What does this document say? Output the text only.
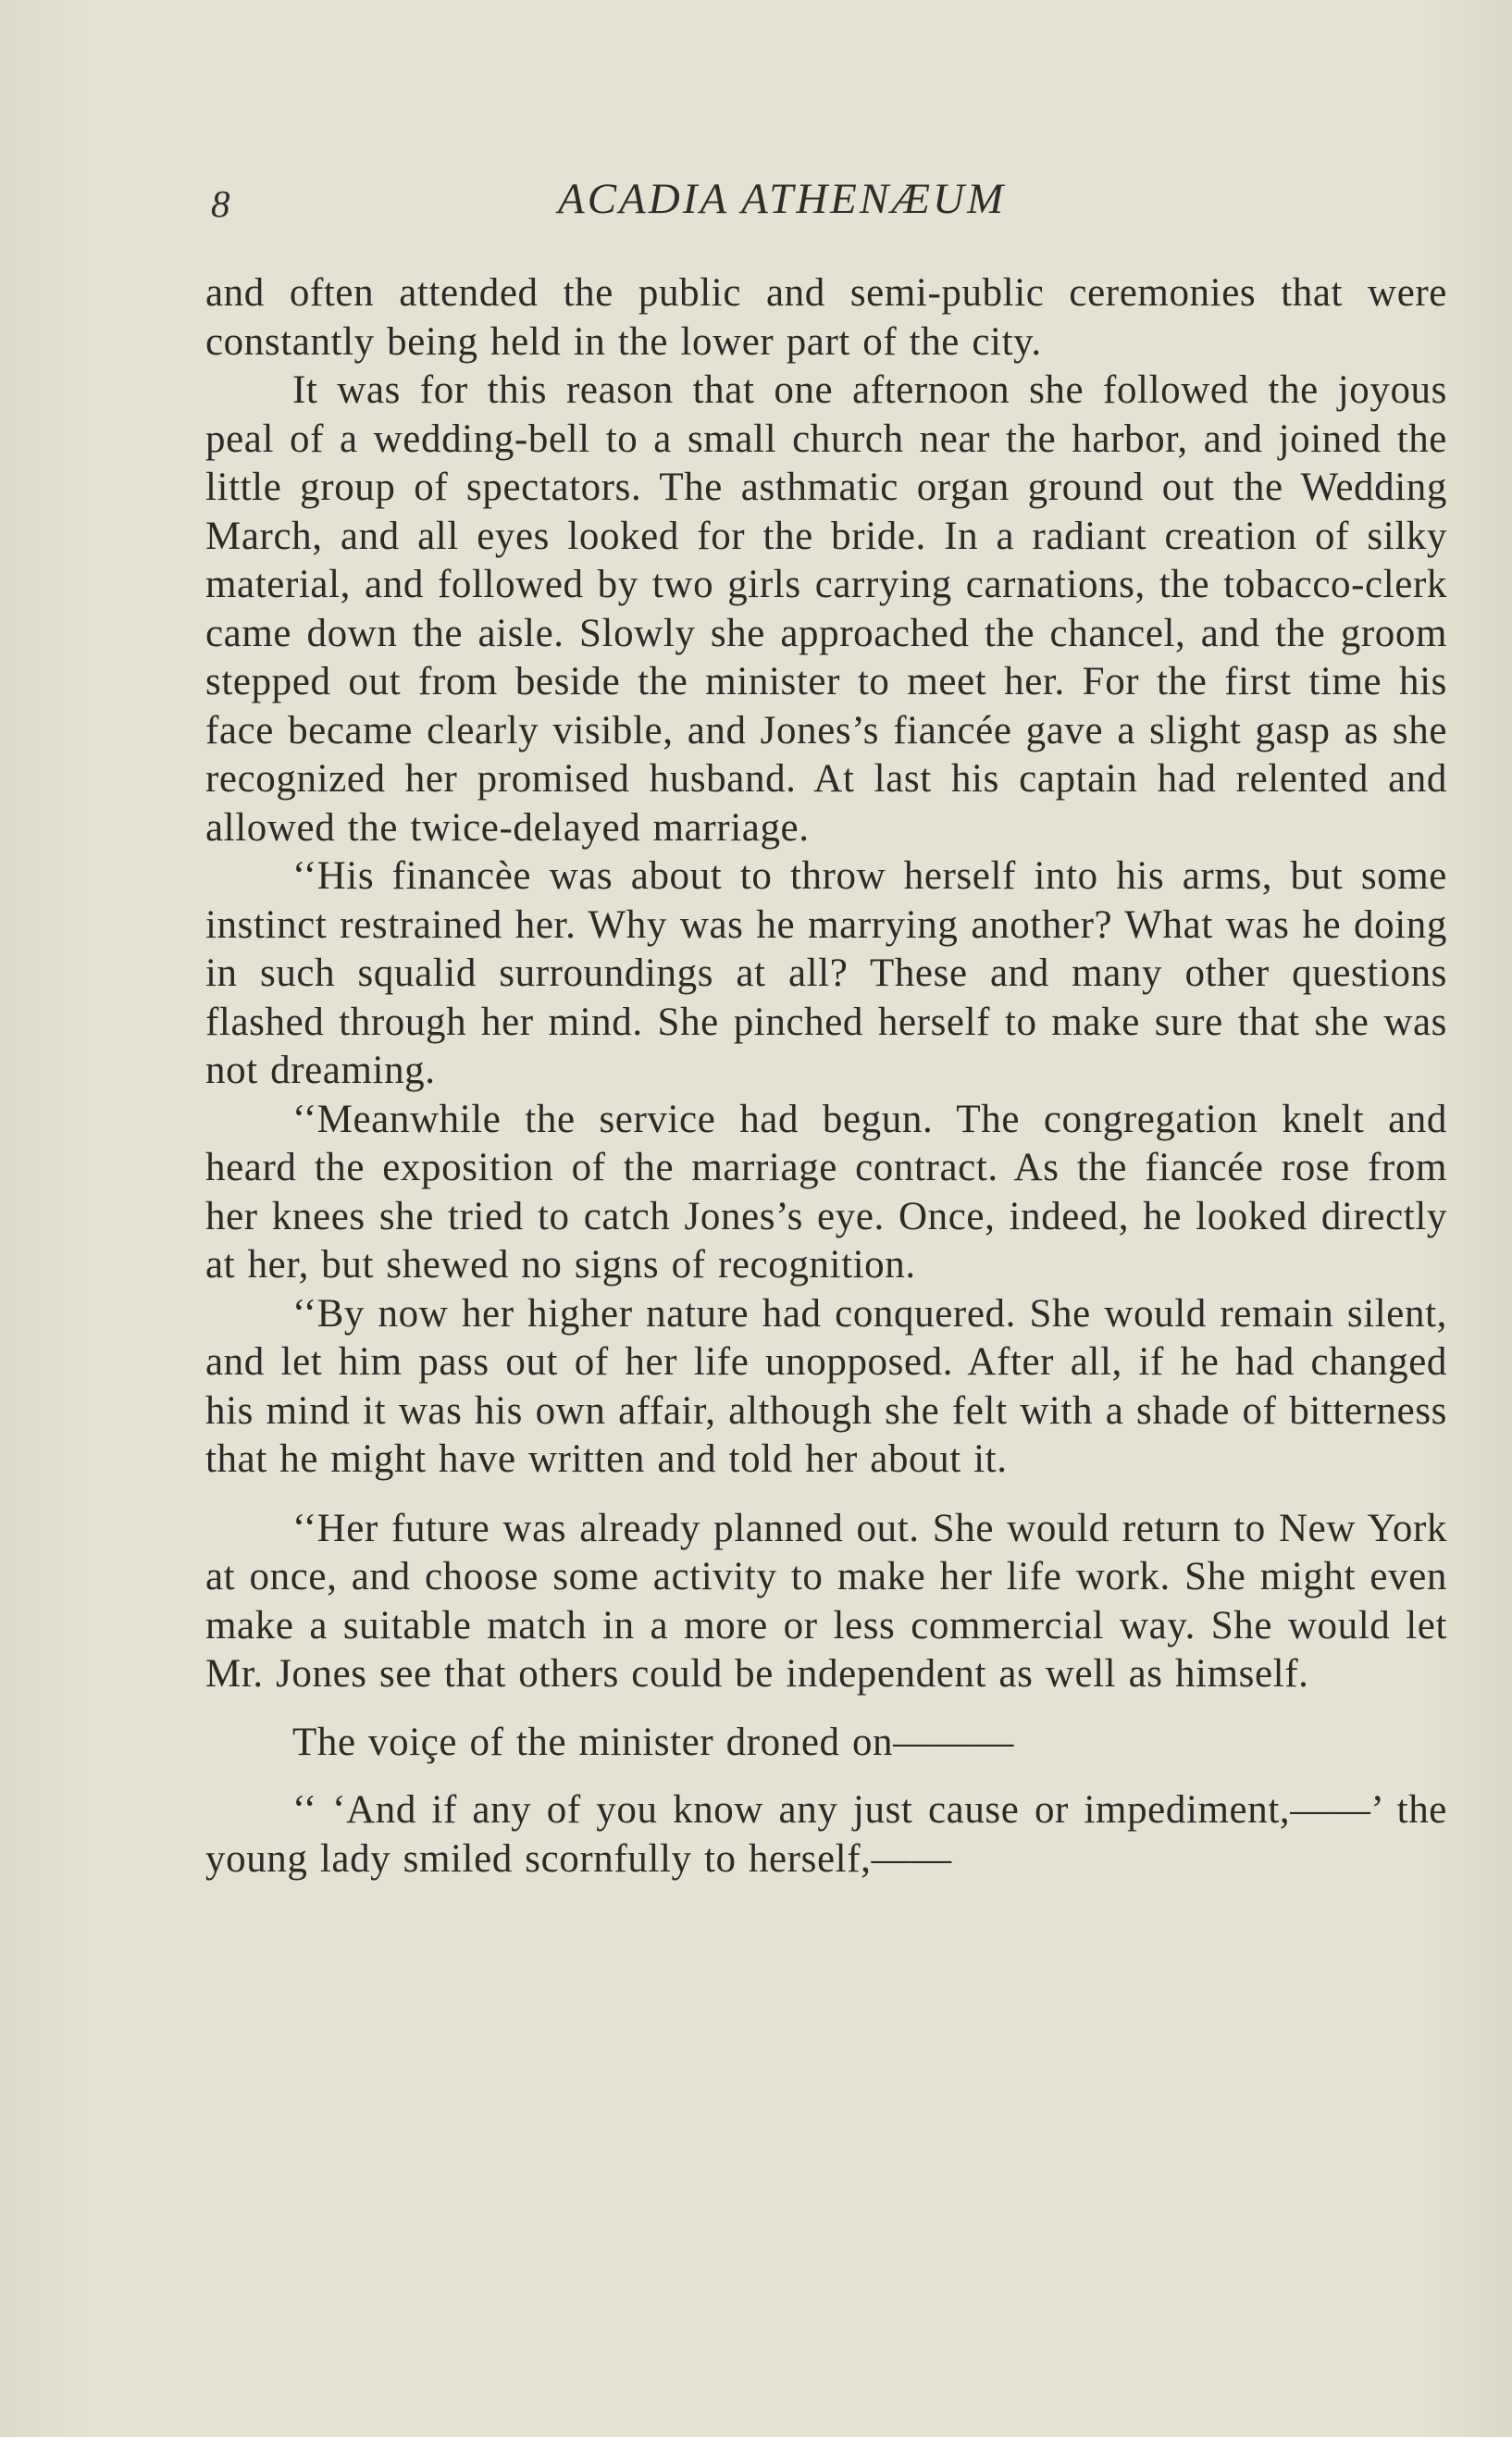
8	ACADIA ATHENÆUM

and often attended the public and semi-public ceremonies that were constantly being held in the lower part of the city.

It was for this reason that one afternoon she followed the joyous peal of a wedding-bell to a small church near the harbor, and joined the little group of spectators. The asthmatic organ ground out the Wedding March, and all eyes looked for the bride. In a radiant creation of silky material, and followed by two girls carrying carnations, the tobacco-clerk came down the aisle. Slowly she approached the chancel, and the groom stepped out from beside the minister to meet her. For the first time his face became clearly visible, and Jones’s fiancée gave a slight gasp as she recognized her promised husband. At last his captain had relented and allowed the twice-delayed marriage.

‘‘His financèe was about to throw herself into his arms, but some instinct restrained her. Why was he marrying another? What was he doing in such squalid surroundings at all? These and many other questions flashed through her mind. She pinched herself to make sure that she was not dreaming.

‘‘Meanwhile the service had begun. The congregation knelt and heard the exposition of the marriage contract. As the fiancée rose from her knees she tried to catch Jones’s eye. Once, indeed, he looked directly at her, but shewed no signs of recognition.

‘‘By now her higher nature had conquered. She would remain silent, and let him pass out of her life unopposed. After all, if he had changed his mind it was his own affair, although she felt with a shade of bitterness that he might have written and told her about it.

‘‘Her future was already planned out. She would return to New York at once, and choose some activity to make her life work. She might even make a suitable match in a more or less commercial way. She would let Mr. Jones see that others could be independent as well as himself.

The voiçe of the minister droned on———

‘‘ ‘And if any of you know any just cause or impediment,——’ the young lady smiled scornfully to herself,——
